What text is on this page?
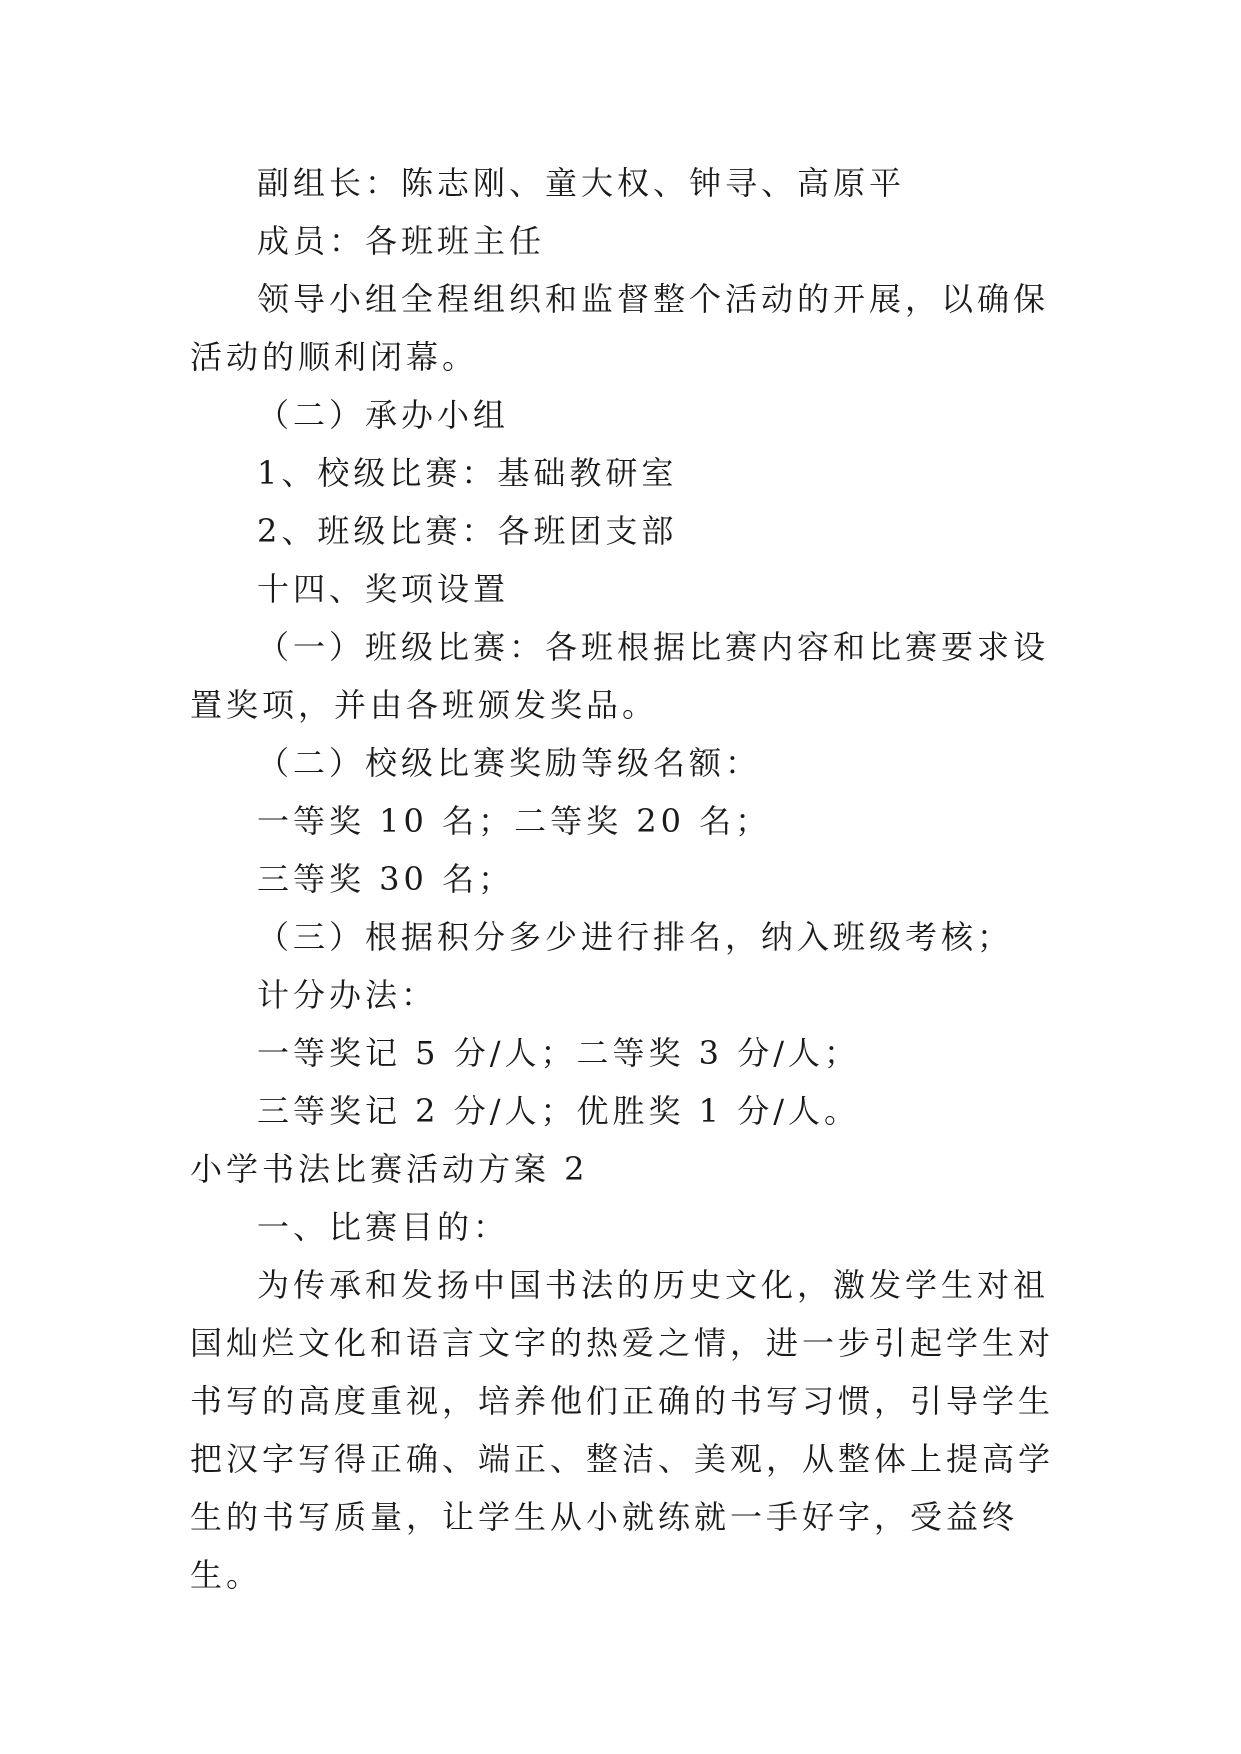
副组长：陈志刚、童大权、钟寻、高原平

成员：各班班主任

领导小组全程组织和监督整个活动的开展，以确保活动的顺利闭幕。

（二）承办小组

1、校级比赛：基础教研室

2、班级比赛：各班团支部

十四、奖项设置

（一）班级比赛：各班根据比赛内容和比赛要求设置奖项，并由各班颁发奖品。

（二）校级比赛奖励等级名额：

一等奖 10 名；二等奖 20 名；

三等奖 30 名；

（三）根据积分多少进行排名，纳入班级考核；

计分办法：

一等奖记 5 分/人；二等奖 3 分/人；

三等奖记 2 分/人；优胜奖 1 分/人。

小学书法比赛活动方案 2

一、比赛目的：

为传承和发扬中国书法的历史文化，激发学生对祖国灿烂文化和语言文字的热爱之情，进一步引起学生对书写的高度重视，培养他们正确的书写习惯，引导学生把汉字写得正确、端正、整洁、美观，从整体上提高学生的书写质量，让学生从小就练就一手好字，受益终生。
